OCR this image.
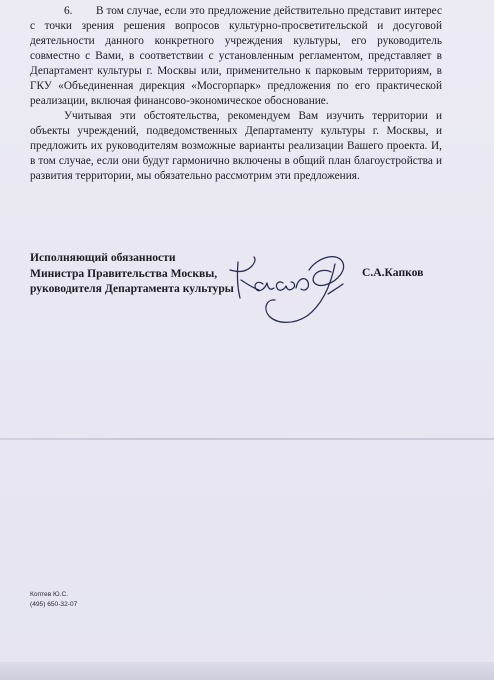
6. В том случае, если это предложение действительно представит интерес с точки зрения решения вопросов культурно-просветительской и досуговой деятельности данного конкретного учреждения культуры, его руководитель совместно с Вами, в соответствии с установленным регламентом, представляет в Департамент культуры г. Москвы или, применительно к парковым территориям, в ГКУ «Объединенная дирекция «Мосгорпарк» предложения по его практической реализации, включая финансово-экономическое обоснование.

Учитывая эти обстоятельства, рекомендуем Вам изучить территории и объекты учреждений, подведомственных Департаменту культуры г. Москвы, и предложить их руководителям возможные варианты реализации Вашего проекта. И, в том случае, если они будут гармонично включены в общий план благоустройства и развития территории, мы обязательно рассмотрим эти предложения.

Исполняющий обязанности
Министра Правительства Москвы,
руководителя Департамента культуры
С.А.Капков
Коптев Ю.С.
(495) 650-32-07
